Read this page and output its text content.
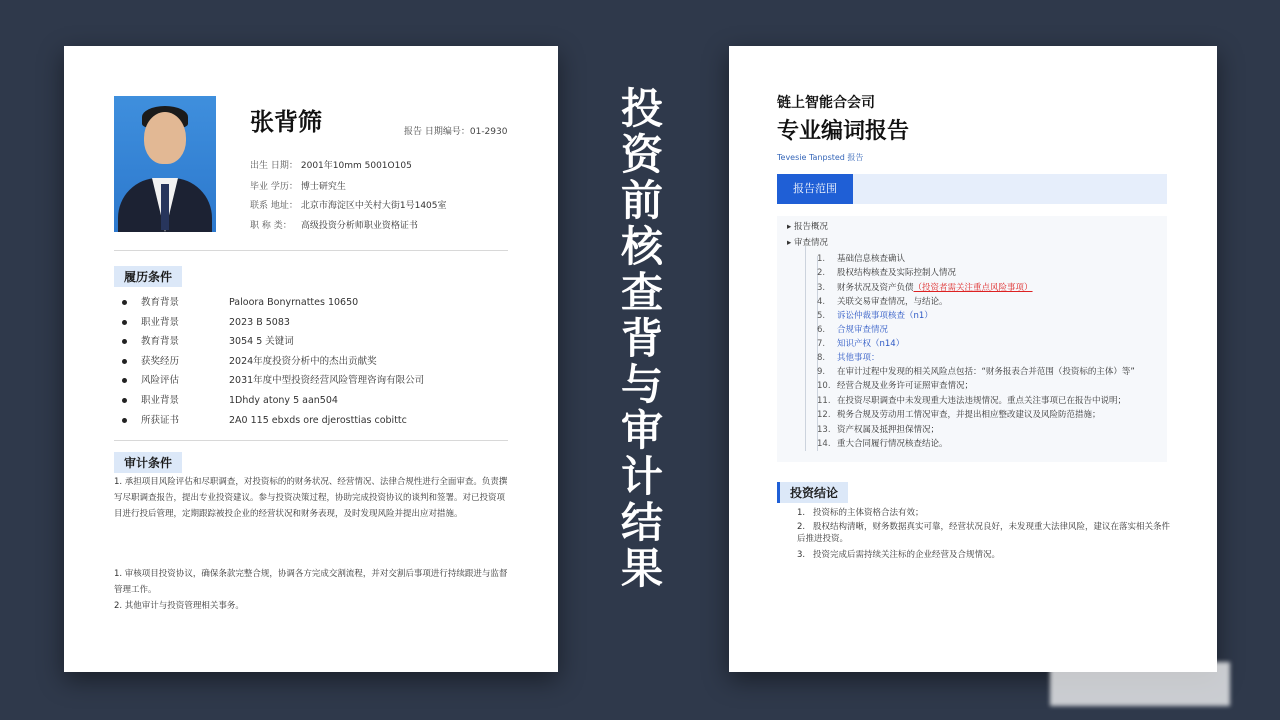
张背筛	报告 日期编号：01-2930
出生 日期： 2001年10mm 5001O105
毕业 学历： 博士研究生
联系 地址： 北京市海淀区中关村大街1号1405室
职 称 类： 高级投资分析师职业资格证书
履历条件
教育背景	Paloora Bonyrnattes 10650
职业背景	2023 B 5083
教育背景	3054 5 关键词
获奖经历	2024年度投资分析中的杰出贡献奖
风险评估	2031年度中型投资经营风险管理咨询有限公司
职业背景	1Dhdy atony 5 aan504
所获证书	2A0 115 ebxds ore djerosttias cobittc
审计条件
1. 承担项目风险评估和尽职调查，对投资标的的财务状况、经营情况、法律合规性进行全面审查。负责撰写尽职调查报告，提出专业投资建议。参与投资决策过程，协助完成投资协议的谈判和签署。对已投资项目进行投后管理，定期跟踪被投企业的经营状况和财务表现，及时发现风险并提出应对措施。
1. 审核项目投资协议，确保条款完整合规，协调各方完成交割流程，并对交割后事项进行持续跟进与监督管理工作。
2. 其他审计与投资管理相关事务。
投资前核查背与审计结果
链上智能合会司
专业编词报告
Tevesie Tanpsted 报告
报告范围
▸ 报告概况
▸ 审查情况
1. 基础信息核查确认
2. 股权结构核查及实际控制人情况
3. 财务状况及资产负债（投资者需关注重点风险事项）
4. 关联交易审查情况，与结论。
5. 诉讼仲裁事项核查（n1）
6. 合规审查情况
7. 知识产权（n14）
8. 其他事项：
9. 在审计过程中发现的相关风险点包括：“财务报表合并范围（投资标的主体）等”
10. 经营合规及业务许可证照审查情况；
11. 在投资尽职调查中未发现重大违法违规情况。重点关注事项已在报告中说明；
12. 税务合规及劳动用工情况审查，并提出相应整改建议及风险防范措施；
13. 资产权属及抵押担保情况；
14. 重大合同履行情况核查结论。
投资结论
1. 投资标的主体资格合法有效；
2. 股权结构清晰，财务数据真实可靠，经营状况良好，未发现重大法律风险，建议在落实相关条件后推进投资。
3. 投资完成后需持续关注标的企业经营及合规情况。
